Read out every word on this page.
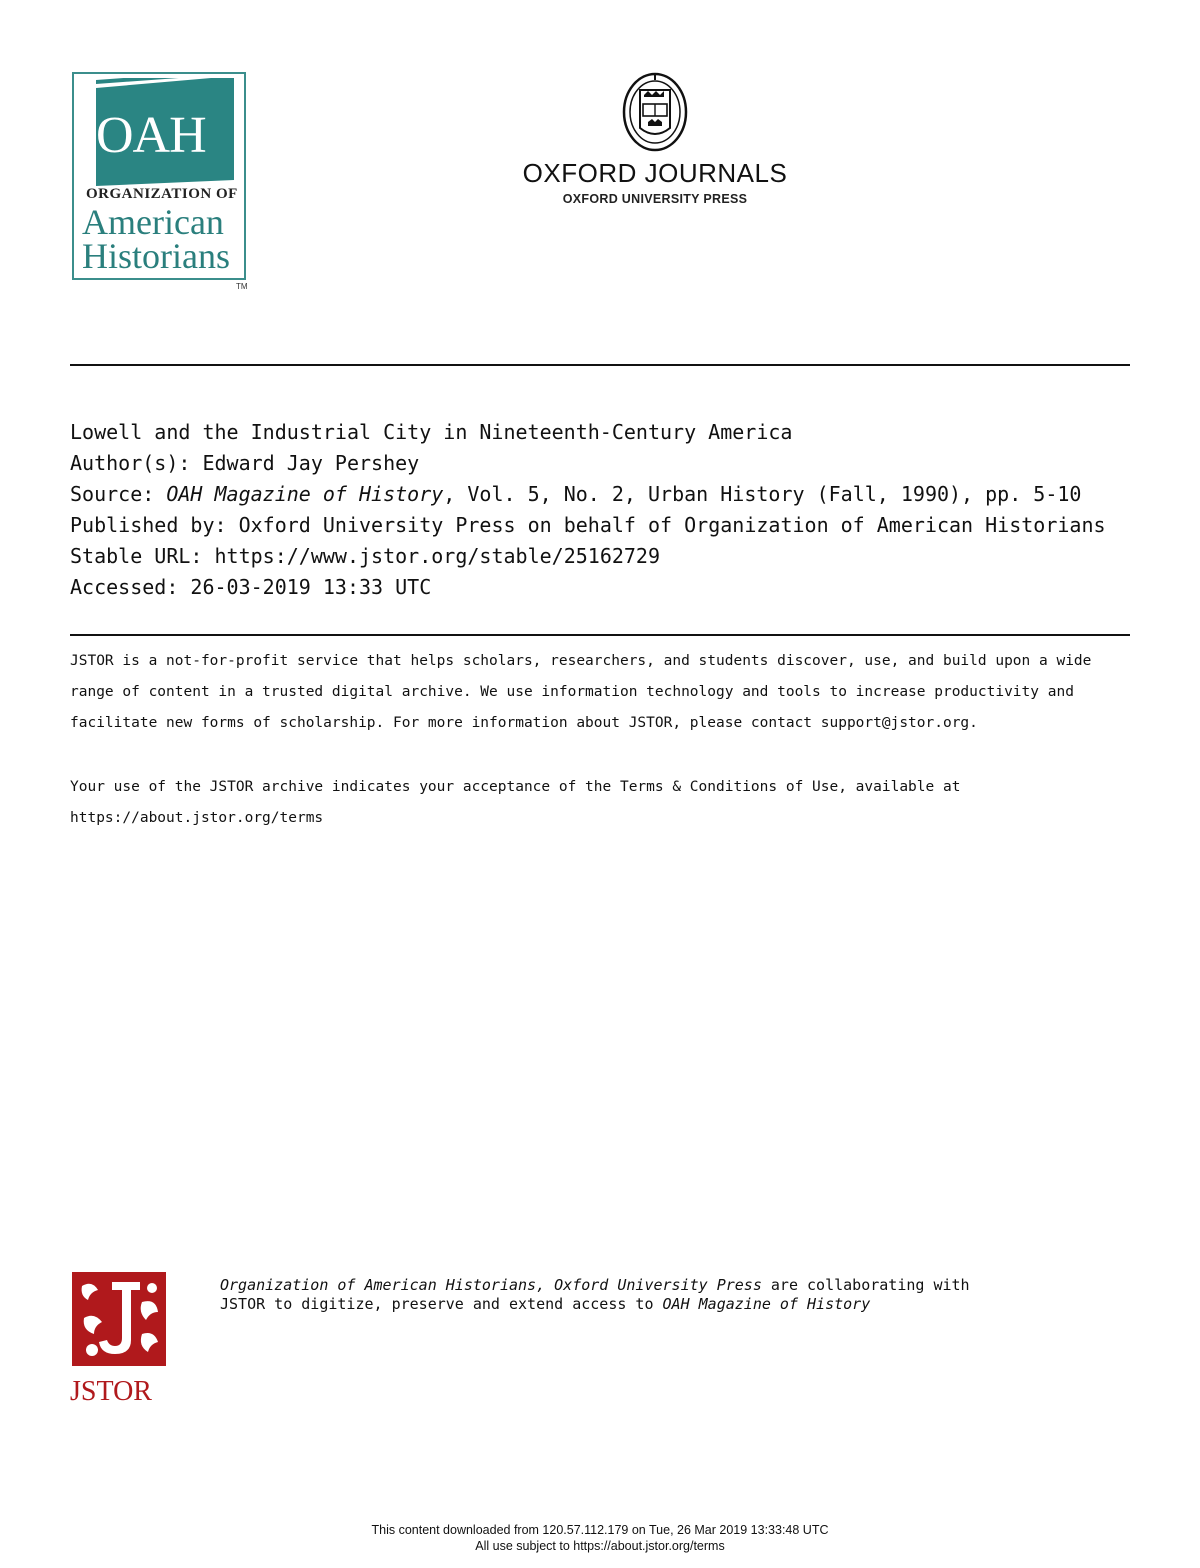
OAH
ORGANIZATION OF
American
Historians
TM
OXFORD JOURNALS
OXFORD UNIVERSITY PRESS
Lowell and the Industrial City in Nineteenth-Century America
Author(s): Edward Jay Pershey
Source: OAH Magazine of History, Vol. 5, No. 2, Urban History (Fall, 1990), pp. 5-10
Published by: Oxford University Press on behalf of Organization of American Historians
Stable URL: https://www.jstor.org/stable/25162729
Accessed: 26-03-2019 13:33 UTC

JSTOR is a not-for-profit service that helps scholars, researchers, and students discover, use, and build upon a wide

range of content in a trusted digital archive. We use information technology and tools to increase productivity and

facilitate new forms of scholarship. For more information about JSTOR, please contact support@jstor.org.

Your use of the JSTOR archive indicates your acceptance of the Terms & Conditions of Use, available at

https://about.jstor.org/terms

JSTOR
Organization of American Historians, Oxford University Press are collaborating with
JSTOR to digitize, preserve and extend access to OAH Magazine of History
This content downloaded from 120.57.112.179 on Tue, 26 Mar 2019 13:33:48 UTC
All use subject to https://about.jstor.org/terms
